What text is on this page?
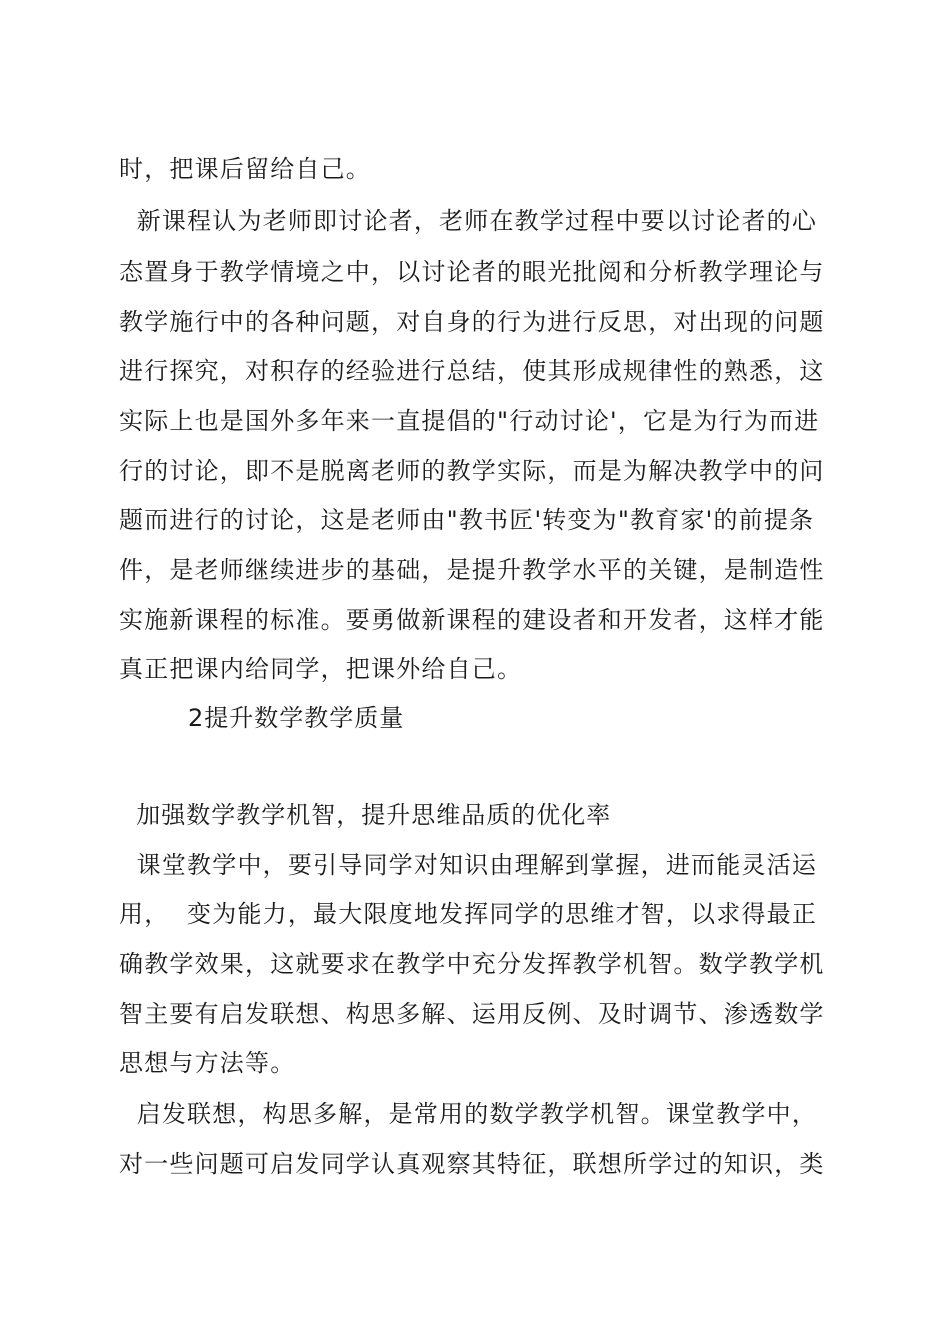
时，把课后留给自己。
新课程认为老师即讨论者，老师在教学过程中要以讨论者的心
态置身于教学情境之中，以讨论者的眼光批阅和分析教学理论与
教学施行中的各种问题，对自身的行为进行反思，对出现的问题
进行探究，对积存的经验进行总结，使其形成规律性的熟悉，这
实际上也是国外多年来一直提倡的"行动讨论'，它是为行为而进
行的讨论，即不是脱离老师的教学实际，而是为解决教学中的问
题而进行的讨论，这是老师由"教书匠'转变为"教育家'的前提条
件，是老师继续进步的基础，是提升教学水平的关键，是制造性
实施新课程的标准。要勇做新课程的建设者和开发者，这样才能
真正把课内给同学，把课外给自己。
2提升数学教学质量
加强数学教学机智，提升思维品质的优化率
课堂教学中，要引导同学对知识由理解到掌握，进而能灵活运
用，  变为能力，最大限度地发挥同学的思维才智，以求得最正
确教学效果，这就要求在教学中充分发挥教学机智。数学教学机
智主要有启发联想、构思多解、运用反例、及时调节、渗透数学
思想与方法等。
启发联想，构思多解，是常用的数学教学机智。课堂教学中，
对一些问题可启发同学认真观察其特征，联想所学过的知识，类
